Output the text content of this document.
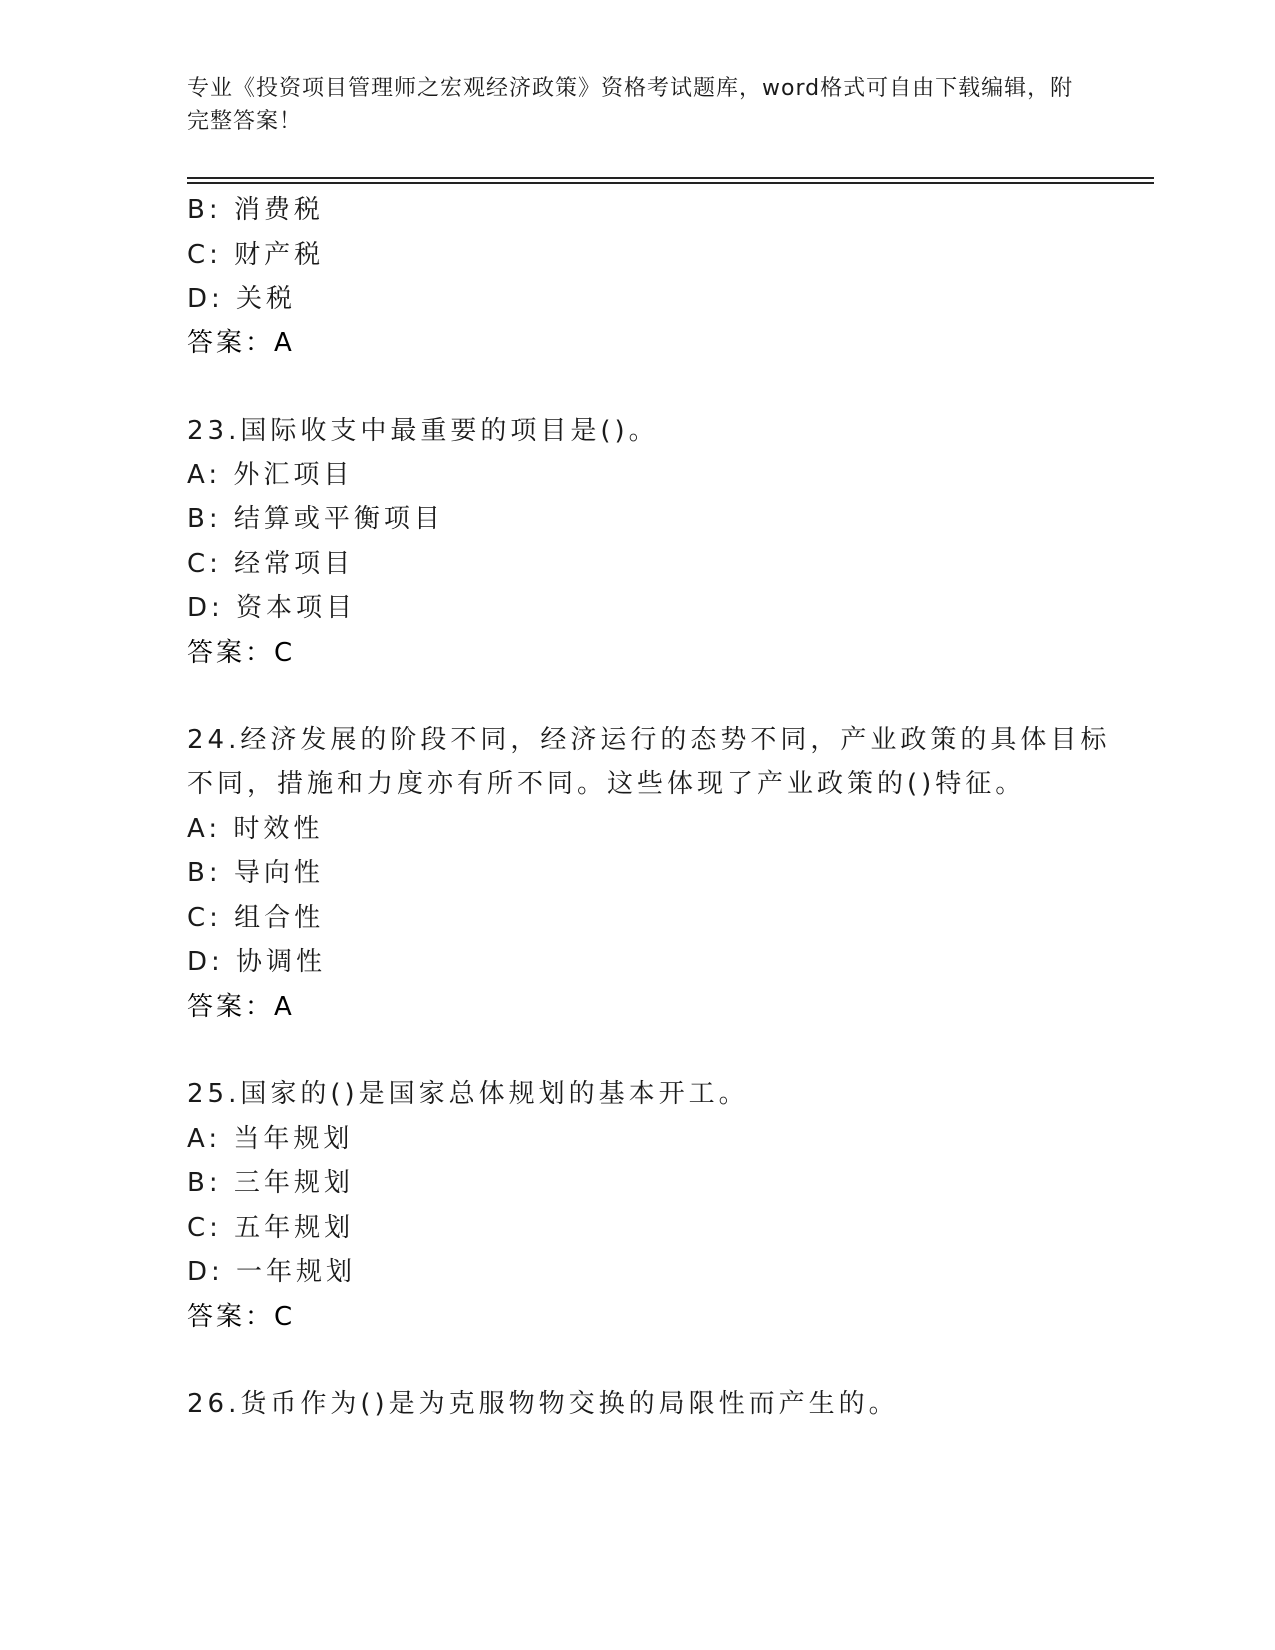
专业《投资项目管理师之宏观经济政策》资格考试题库，word格式可自由下载编辑，附完整答案！
B: 消费税
C: 财产税
D: 关税
答案：A
23.国际收支中最重要的项目是()。
A: 外汇项目
B: 结算或平衡项目
C: 经常项目
D: 资本项目
答案：C
24.经济发展的阶段不同，经济运行的态势不同，产业政策的具体目标
不同，措施和力度亦有所不同。这些体现了产业政策的()特征。
A: 时效性
B: 导向性
C: 组合性
D: 协调性
答案：A
25.国家的()是国家总体规划的基本开工。
A: 当年规划
B: 三年规划
C: 五年规划
D: 一年规划
答案：C
26.货币作为()是为克服物物交换的局限性而产生的。
